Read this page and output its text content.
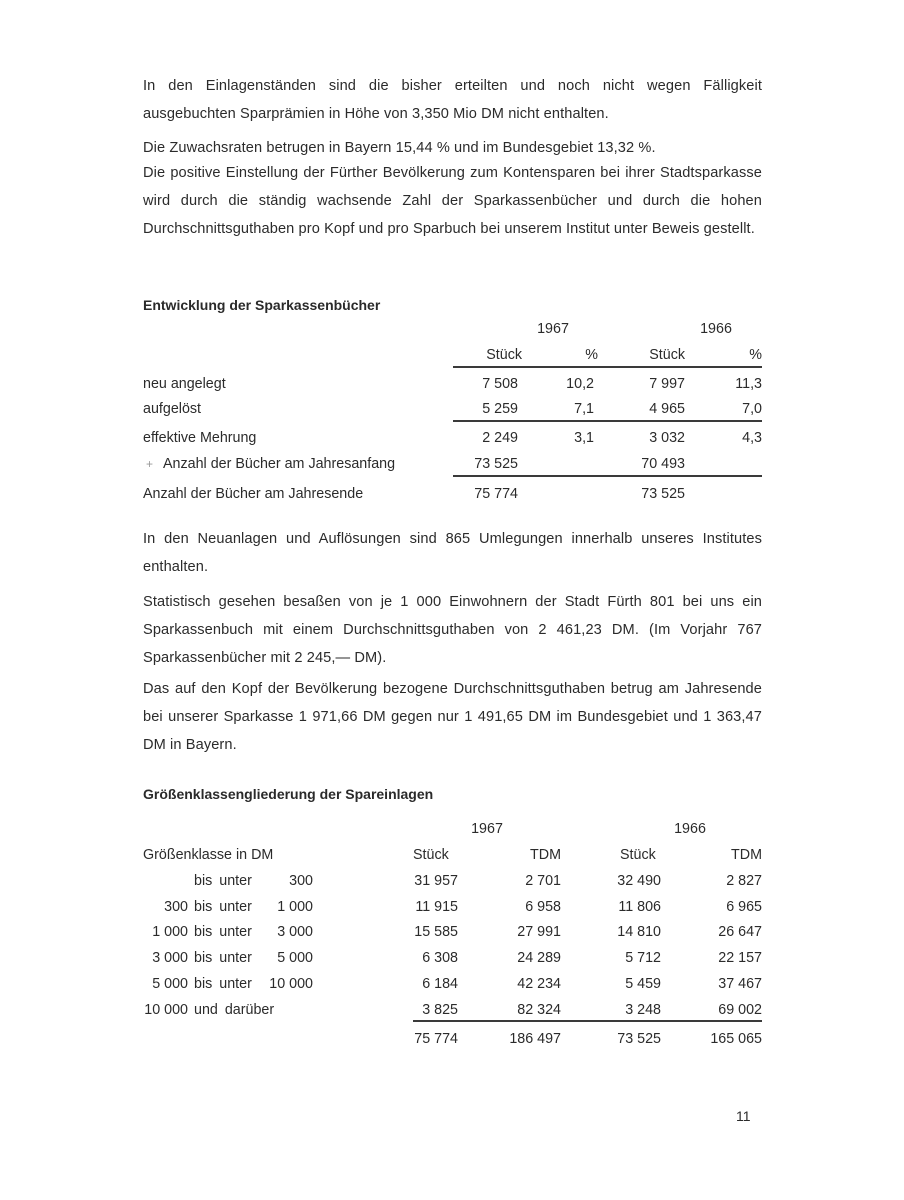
In den Einlagenständen sind die bisher erteilten und noch nicht wegen Fälligkeit ausgebuchten Sparprämien in Höhe von 3,350 Mio DM nicht enthalten.
Die Zuwachsraten betrugen in Bayern 15,44 % und im Bundesgebiet 13,32 %.
Die positive Einstellung der Fürther Bevölkerung zum Kontensparen bei ihrer Stadtsparkasse wird durch die ständig wachsende Zahl der Sparkassenbücher und durch die hohen Durchschnittsguthaben pro Kopf und pro Sparbuch bei unserem Institut unter Beweis gestellt.
Entwicklung der Sparkassenbücher
1967	1966
Stück	%	Stück	%
neu angelegt	7 508	10,2	7 997	11,3
aufgelöst	5 259	7,1	4 965	7,0
effektive Mehrung	2 249	3,1	3 032	4,3
+ Anzahl der Bücher am Jahresanfang	73 525	70 493
Anzahl der Bücher am Jahresende	75 774	73 525
In den Neuanlagen und Auflösungen sind 865 Umlegungen innerhalb unseres Institutes enthalten.
Statistisch gesehen besaßen von je 1 000 Einwohnern der Stadt Fürth 801 bei uns ein Sparkassenbuch mit einem Durchschnittsguthaben von 2 461,23 DM. (Im Vorjahr 767 Sparkassenbücher mit 2 245,— DM).
Das auf den Kopf der Bevölkerung bezogene Durchschnittsguthaben betrug am Jahresende bei unserer Sparkasse 1 971,66 DM gegen nur 1 491,65 DM im Bundesgebiet und 1 363,47 DM in Bayern.
Größenklassengliederung der Spareinlagen
1967	1966
Größenklasse in DM	Stück	TDM	Stück	TDM
bis unter	300	31 957	2 701	32 490	2 827
300 bis unter	1 000	11 915	6 958	11 806	6 965
1 000 bis unter	3 000	15 585	27 991	14 810	26 647
3 000 bis unter	5 000	6 308	24 289	5 712	22 157
5 000 bis unter	10 000	6 184	42 234	5 459	37 467
10 000 und darüber	3 825	82 324	3 248	69 002
75 774	186 497	73 525	165 065
11
